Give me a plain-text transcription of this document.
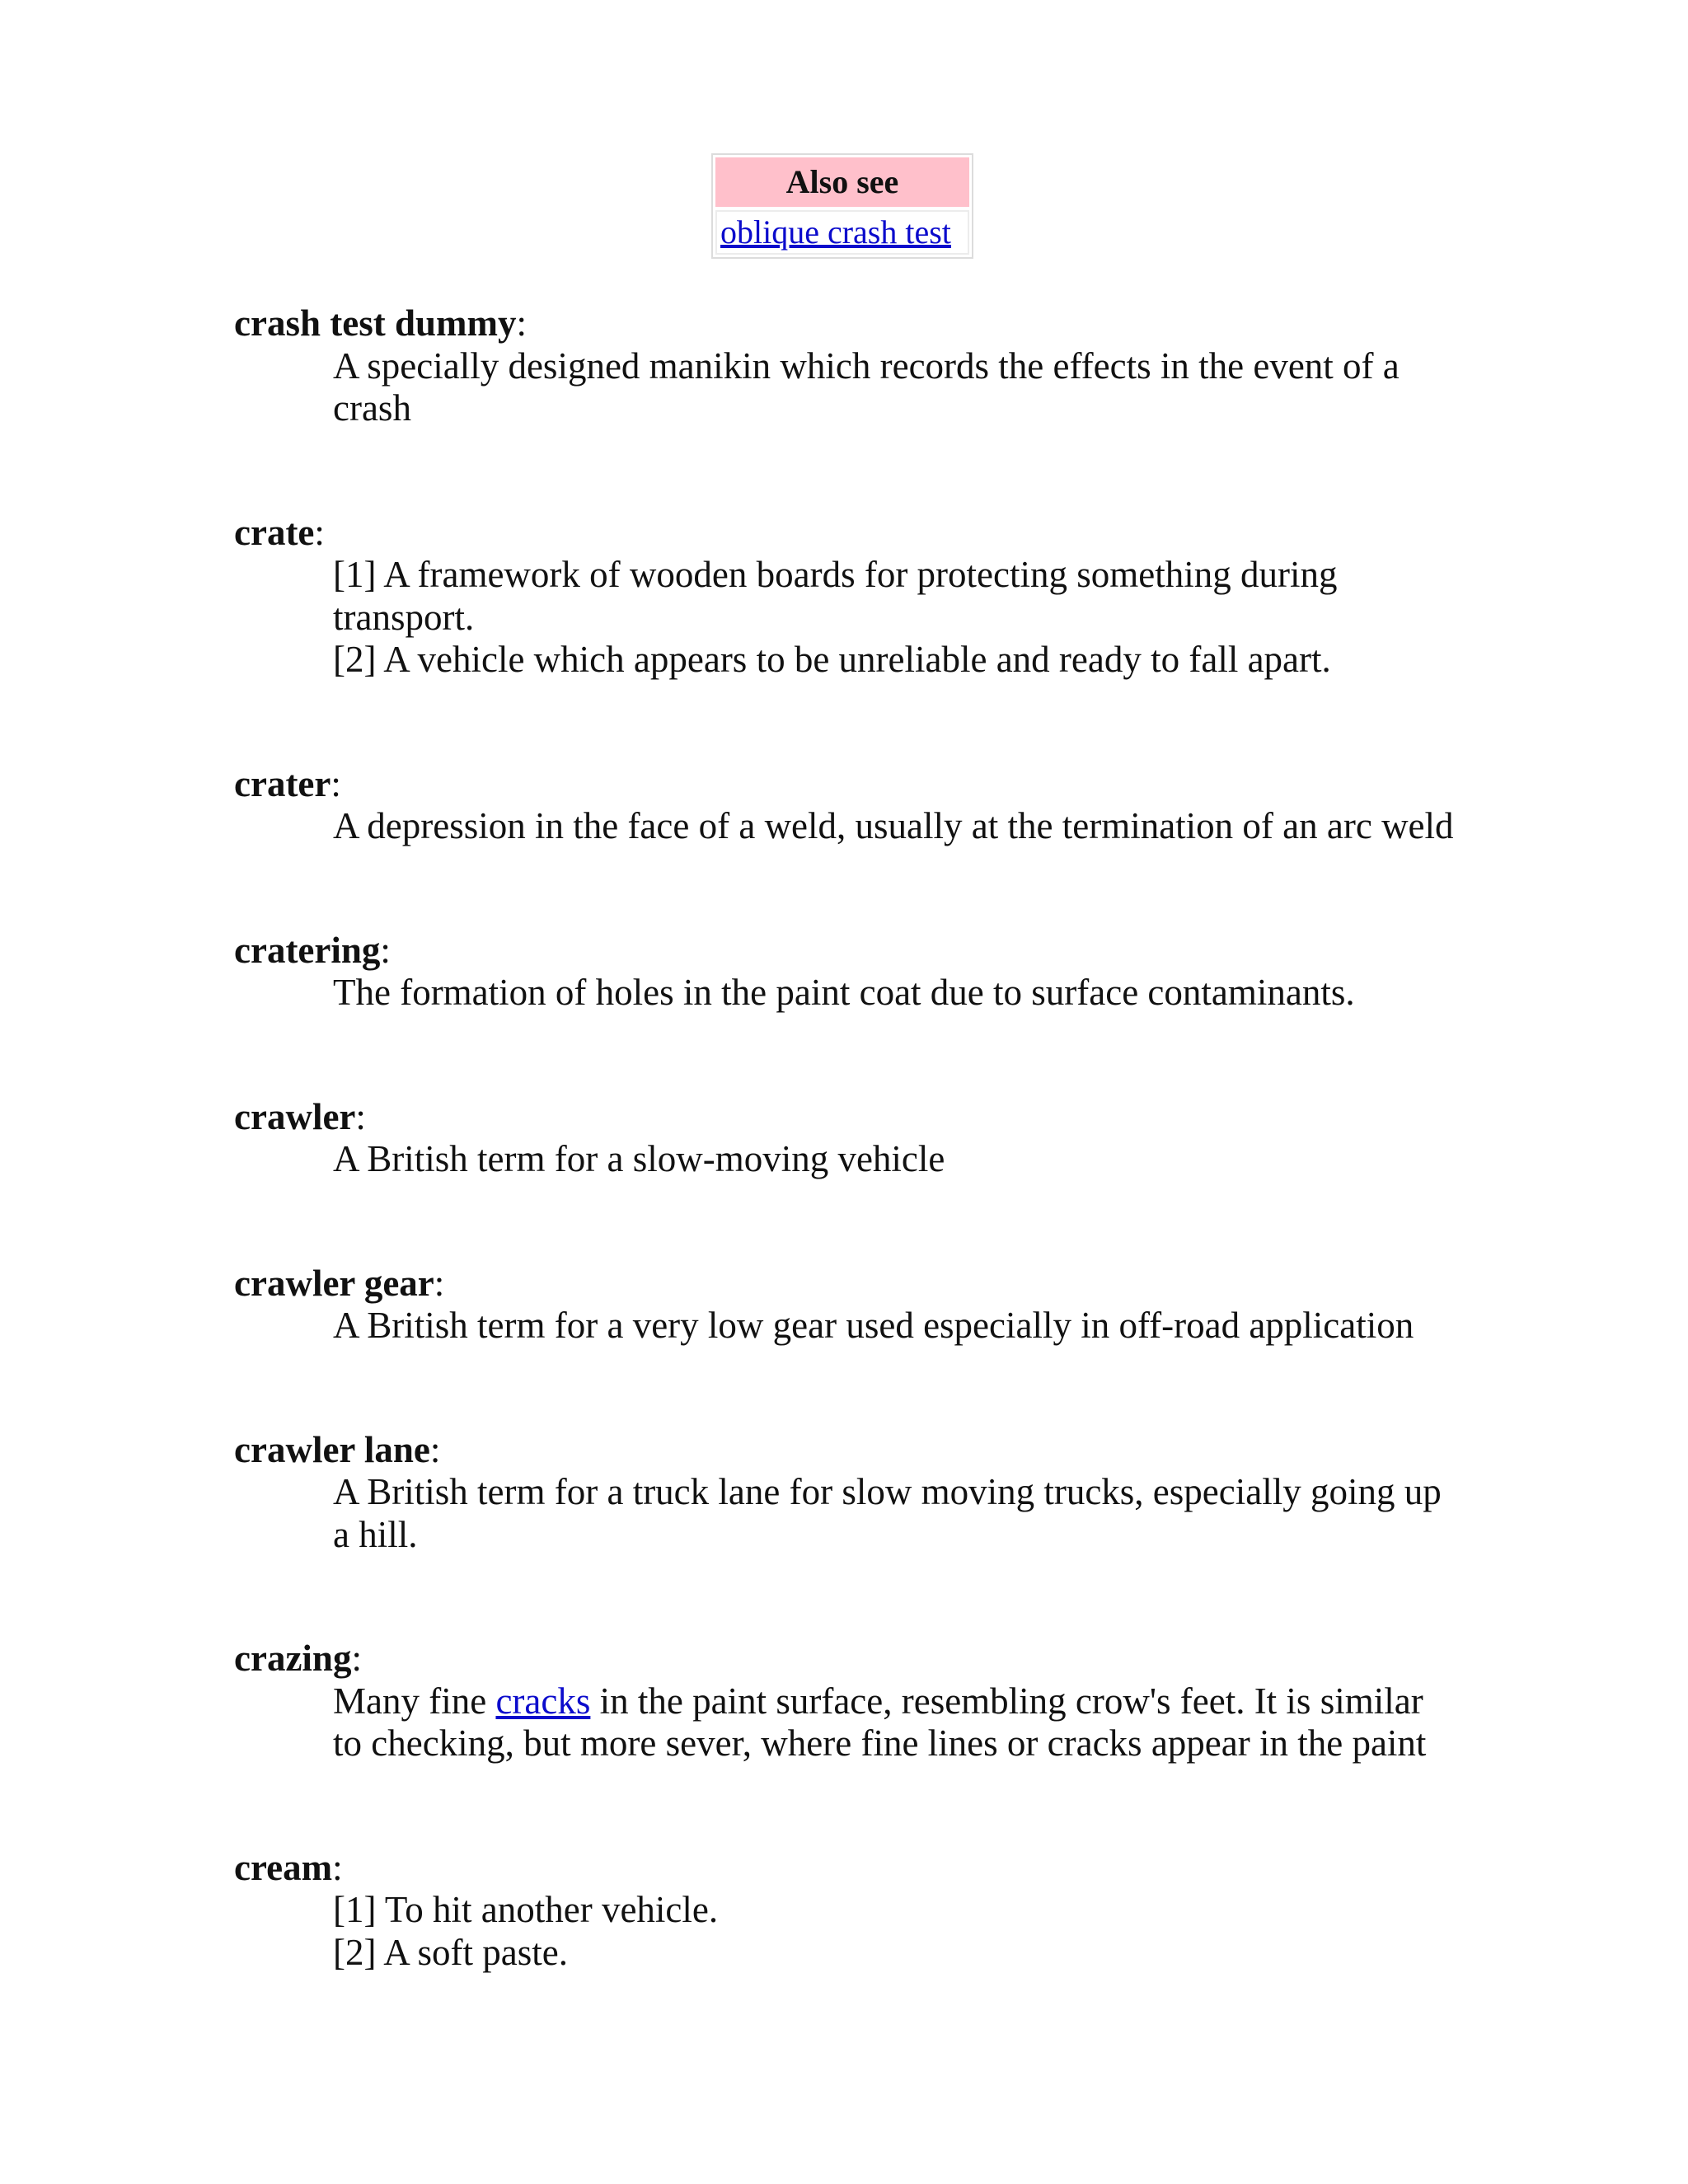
Also see
oblique crash test
crash test dummy:
A specially designed manikin which records the effects in the event of a crash
crate:
[1] A framework of wooden boards for protecting something during transport.
[2] A vehicle which appears to be unreliable and ready to fall apart.
crater:
A depression in the face of a weld, usually at the termination of an arc weld
cratering:
The formation of holes in the paint coat due to surface contaminants.
crawler:
A British term for a slow-moving vehicle
crawler gear:
A British term for a very low gear used especially in off-road application
crawler lane:
A British term for a truck lane for slow moving trucks, especially going up a hill.
crazing:
Many fine cracks in the paint surface, resembling crow's feet. It is similar to checking, but more sever, where fine lines or cracks appear in the paint
cream:
[1] To hit another vehicle.
[2] A soft paste.
